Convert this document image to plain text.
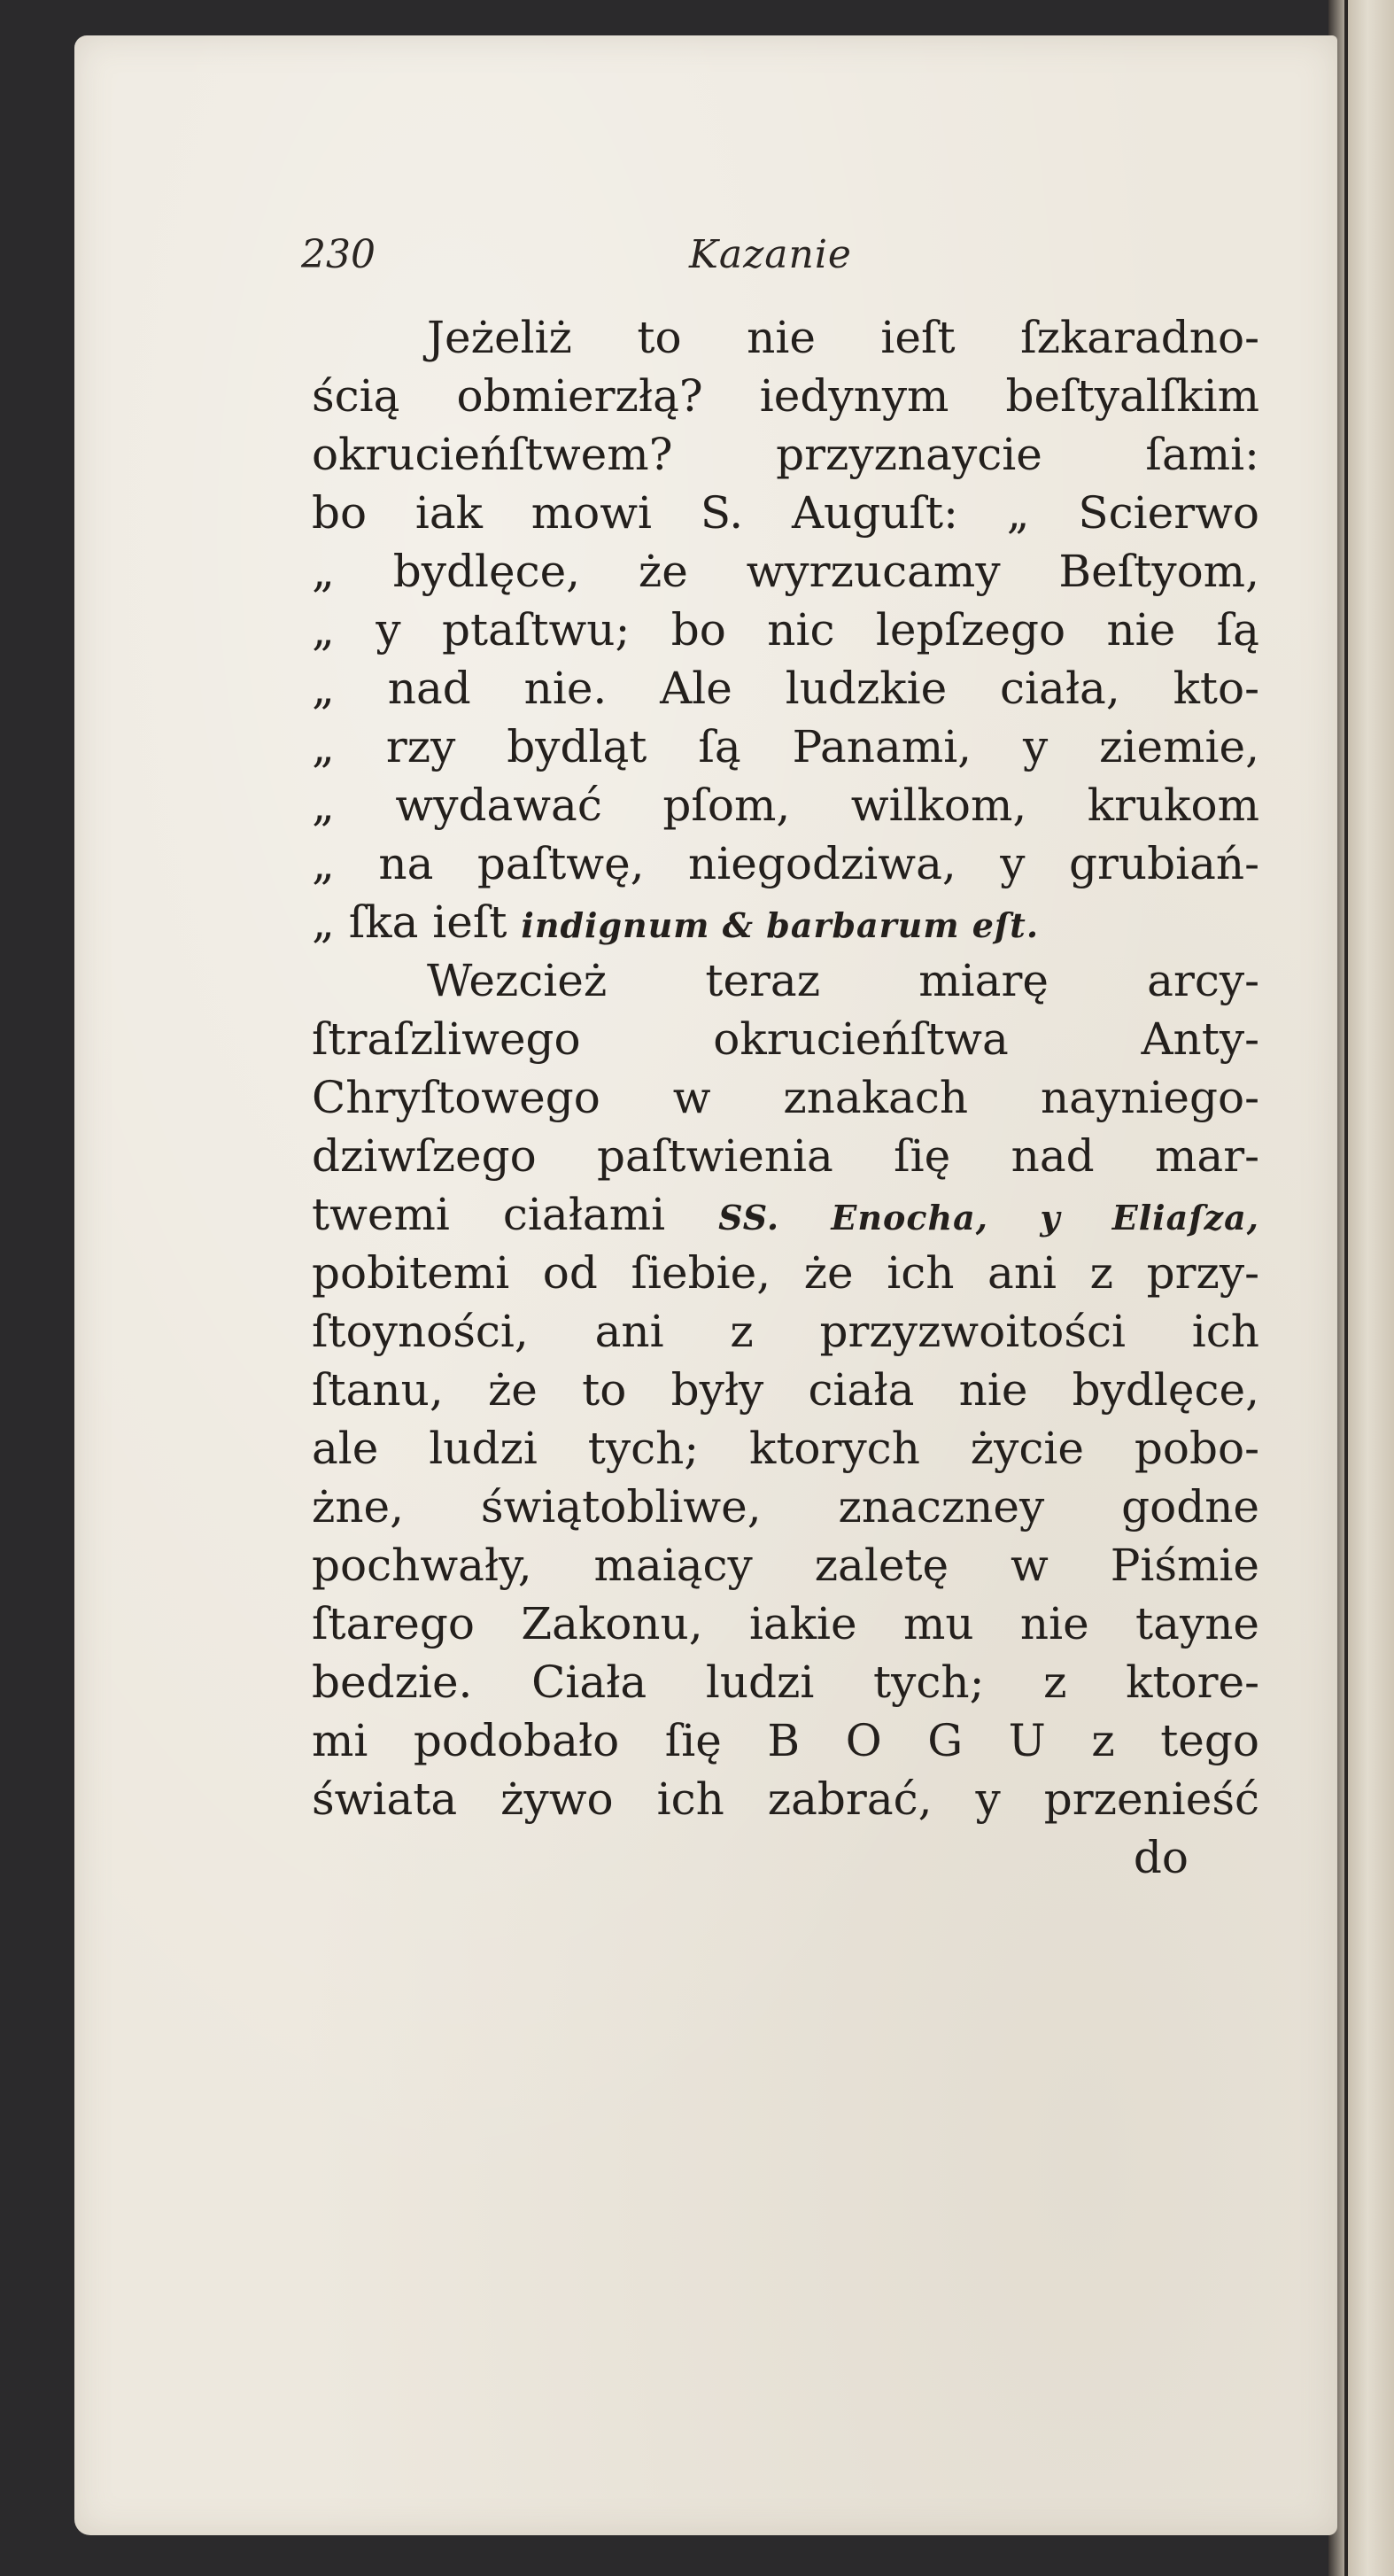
230	Kazanie
Jeżeliż to nie ieſt ſzkaradno-
ścią obmierzłą? iedynym beſtyalſkim
okrucieńſtwem? przyznaycie ſami:
bo iak mowi S. Auguſt: „ Scierwo
„ bydlęce, że wyrzucamy Beſtyom,
„ y ptaſtwu; bo nic lepſzego nie ſą
„ nad nie. Ale ludzkie ciała, kto-
„ rzy bydląt ſą Panami, y ziemie,
„ wydawać pſom, wilkom, krukom
„ na paſtwę, niegodziwa, y grubiań-
„ ſka ieſt indignum & barbarum eſt.
Wezcież teraz miarę arcy-
ſtraſzliwego okrucieńſtwa Anty-
Chryſtowego w znakach nayniego-
dziwſzego paſtwienia ſię nad mar-
twemi ciałami SS. Enocha, y Eliaſza,
pobitemi od ſiebie, że ich ani z przy-
ſtoyności, ani z przyzwoitości ich
ſtanu, że to były ciała nie bydlęce,
ale ludzi tych; ktorych życie pobo-
żne, świątobliwe, znaczney godne
pochwały, maiący zaletę w Piśmie
ſtarego Zakonu, iakie mu nie tayne
bedzie. Ciała ludzi tych; z ktore-
mi podobało ſię B O G U z tego
świata żywo ich zabrać, y przenieść
do
